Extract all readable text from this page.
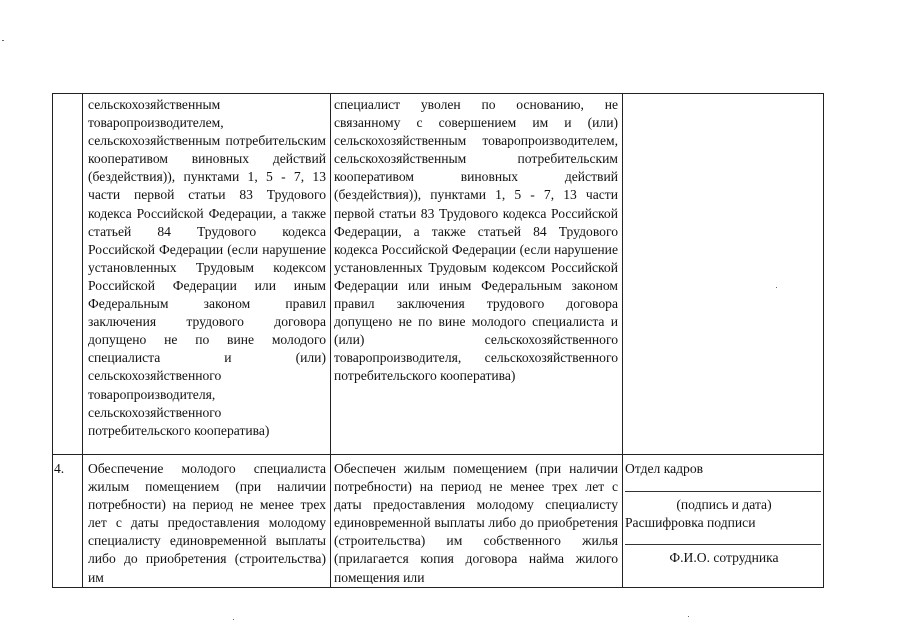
сельскохозяйственным товаропроизводителем, сельскохозяйственным потребительским кооперативом виновных действий (бездействия)), пунктами 1, 5 - 7, 13 части первой статьи 83 Трудового кодекса Российской Федерации, а также статьей 84 Трудового кодекса Российской Федерации (если нарушение установленных Трудовым кодексом Российской Федерации или иным Федеральным законом правил заключения трудового договора допущено не по вине молодого специалиста и (или) сельскохозяйственного товаропроизводителя, сельскохозяйственного потребительского кооператива)
специалист уволен по основанию, не связанному с совершением им и (или) сельскохозяйственным товаропроизводителем, сельскохозяйственным потребительским кооперативом виновных действий (бездействия)), пунктами 1, 5 - 7, 13 части первой статьи 83 Трудового кодекса Российской Федерации, а также статьей 84 Трудового кодекса Российской Федерации (если нарушение установленных Трудовым кодексом Российской Федерации или иным Федеральным законом правил заключения трудового договора допущено не по вине молодого специалиста и (или) сельскохозяйственного товаропроизводителя, сельскохозяйственного потребительского кооператива)
4. Обеспечение молодого специалиста жилым помещением (при наличии потребности) на период не менее трех лет с даты предоставления молодому специалисту единовременной выплаты либо до приобретения (строительства) им
Обеспечен жилым помещением (при наличии потребности) на период не менее трех лет с даты предоставления молодому специалисту единовременной выплаты либо до приобретения (строительства) им собственного жилья (прилагается копия договора найма жилого помещения или
Отдел кадров
(подпись и дата)
Расшифровка подписи
Ф.И.О. сотрудника
